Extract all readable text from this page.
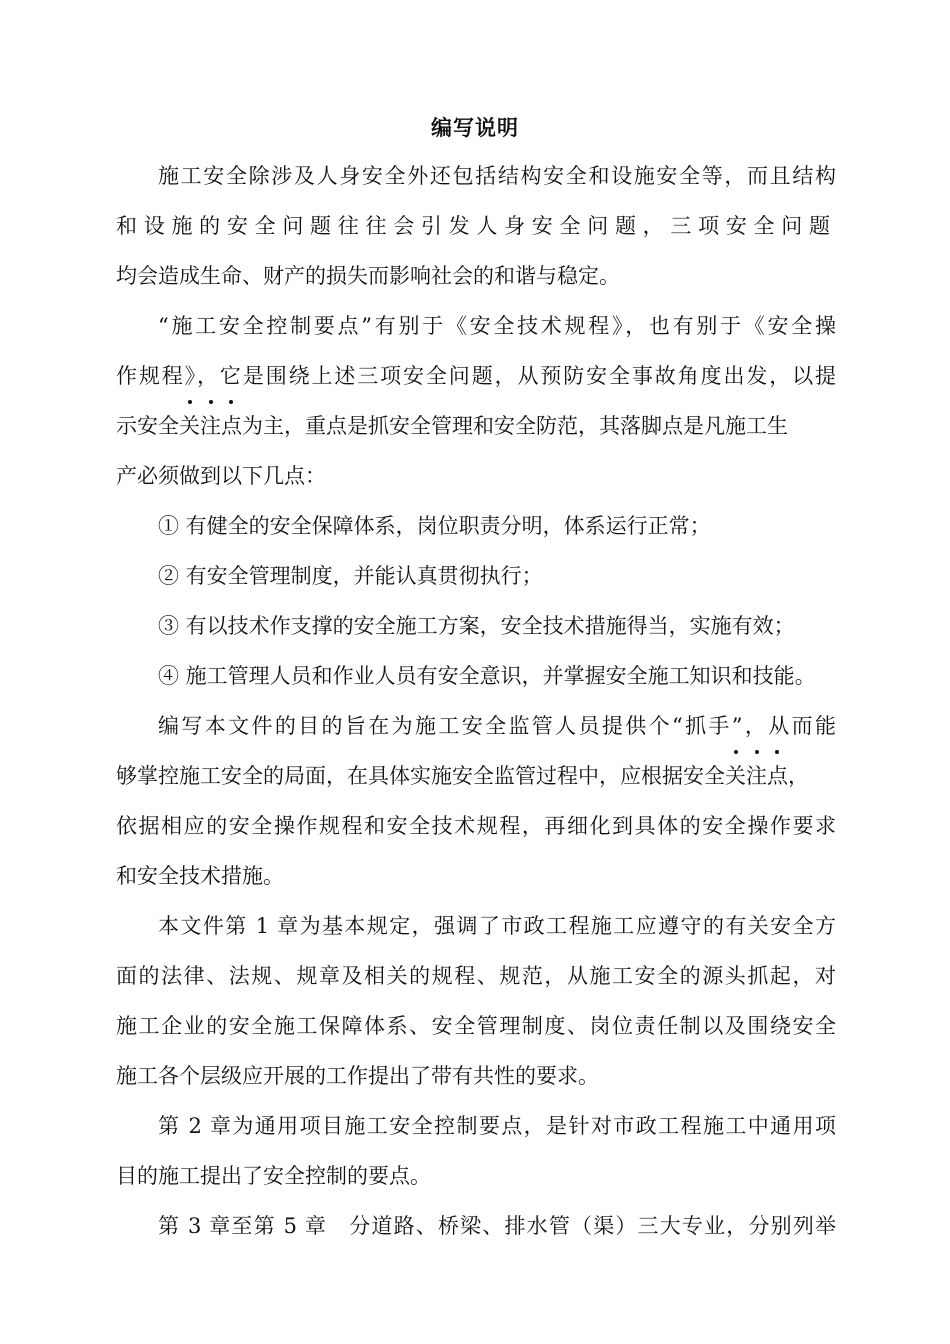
编写说明
施工安全除涉及人身安全外还包括结构安全和设施安全等，而且结构
和设施的安全问题往往会引发人身安全问题，三项安全问题
均会造成生命、财产的损失而影响社会的和谐与稳定。
“施工安全控制要点”有别于《安全技术规程》，也有别于《安全操
作规程》，它是围绕上述三项安全问题，从预防安全事故角度出发，以提
示安全关注点
为主，重点是抓安全管理和安全防范，其落脚点是凡施工生
产必须做到以下几点：
① 有健全的安全保障体系，岗位职责分明，体系运行正常；
② 有安全管理制度，并能认真贯彻执行；
③ 有以技术作支撑的安全施工方案，安全技术措施得当，实施有效；
④ 施工管理人员和作业人员有安全意识，并掌握安全施工知识和技能。
编写本文件的目的旨在为施工安全监管人员提供个“抓手”，从而能
够掌控施工安全的局面，在具体实施安全监管过程中，应根据安全关注点
，
依据相应的安全操作规程和安全技术规程，再细化到具体的安全操作要求
和安全技术措施。
本文件第 1 章为基本规定，强调了市政工程施工应遵守的有关安全方
面的法律、法规、规章及相关的规程、规范，从施工安全的源头抓起，对
施工企业的安全施工保障体系、安全管理制度、岗位责任制以及围绕安全
施工各个层级应开展的工作提出了带有共性的要求。
第 2 章为通用项目施工安全控制要点，是针对市政工程施工中通用项
目的施工提出了安全控制的要点。
第 3 章至第 5 章　分道路、桥梁、排水管（渠）三大专业，分别列举
